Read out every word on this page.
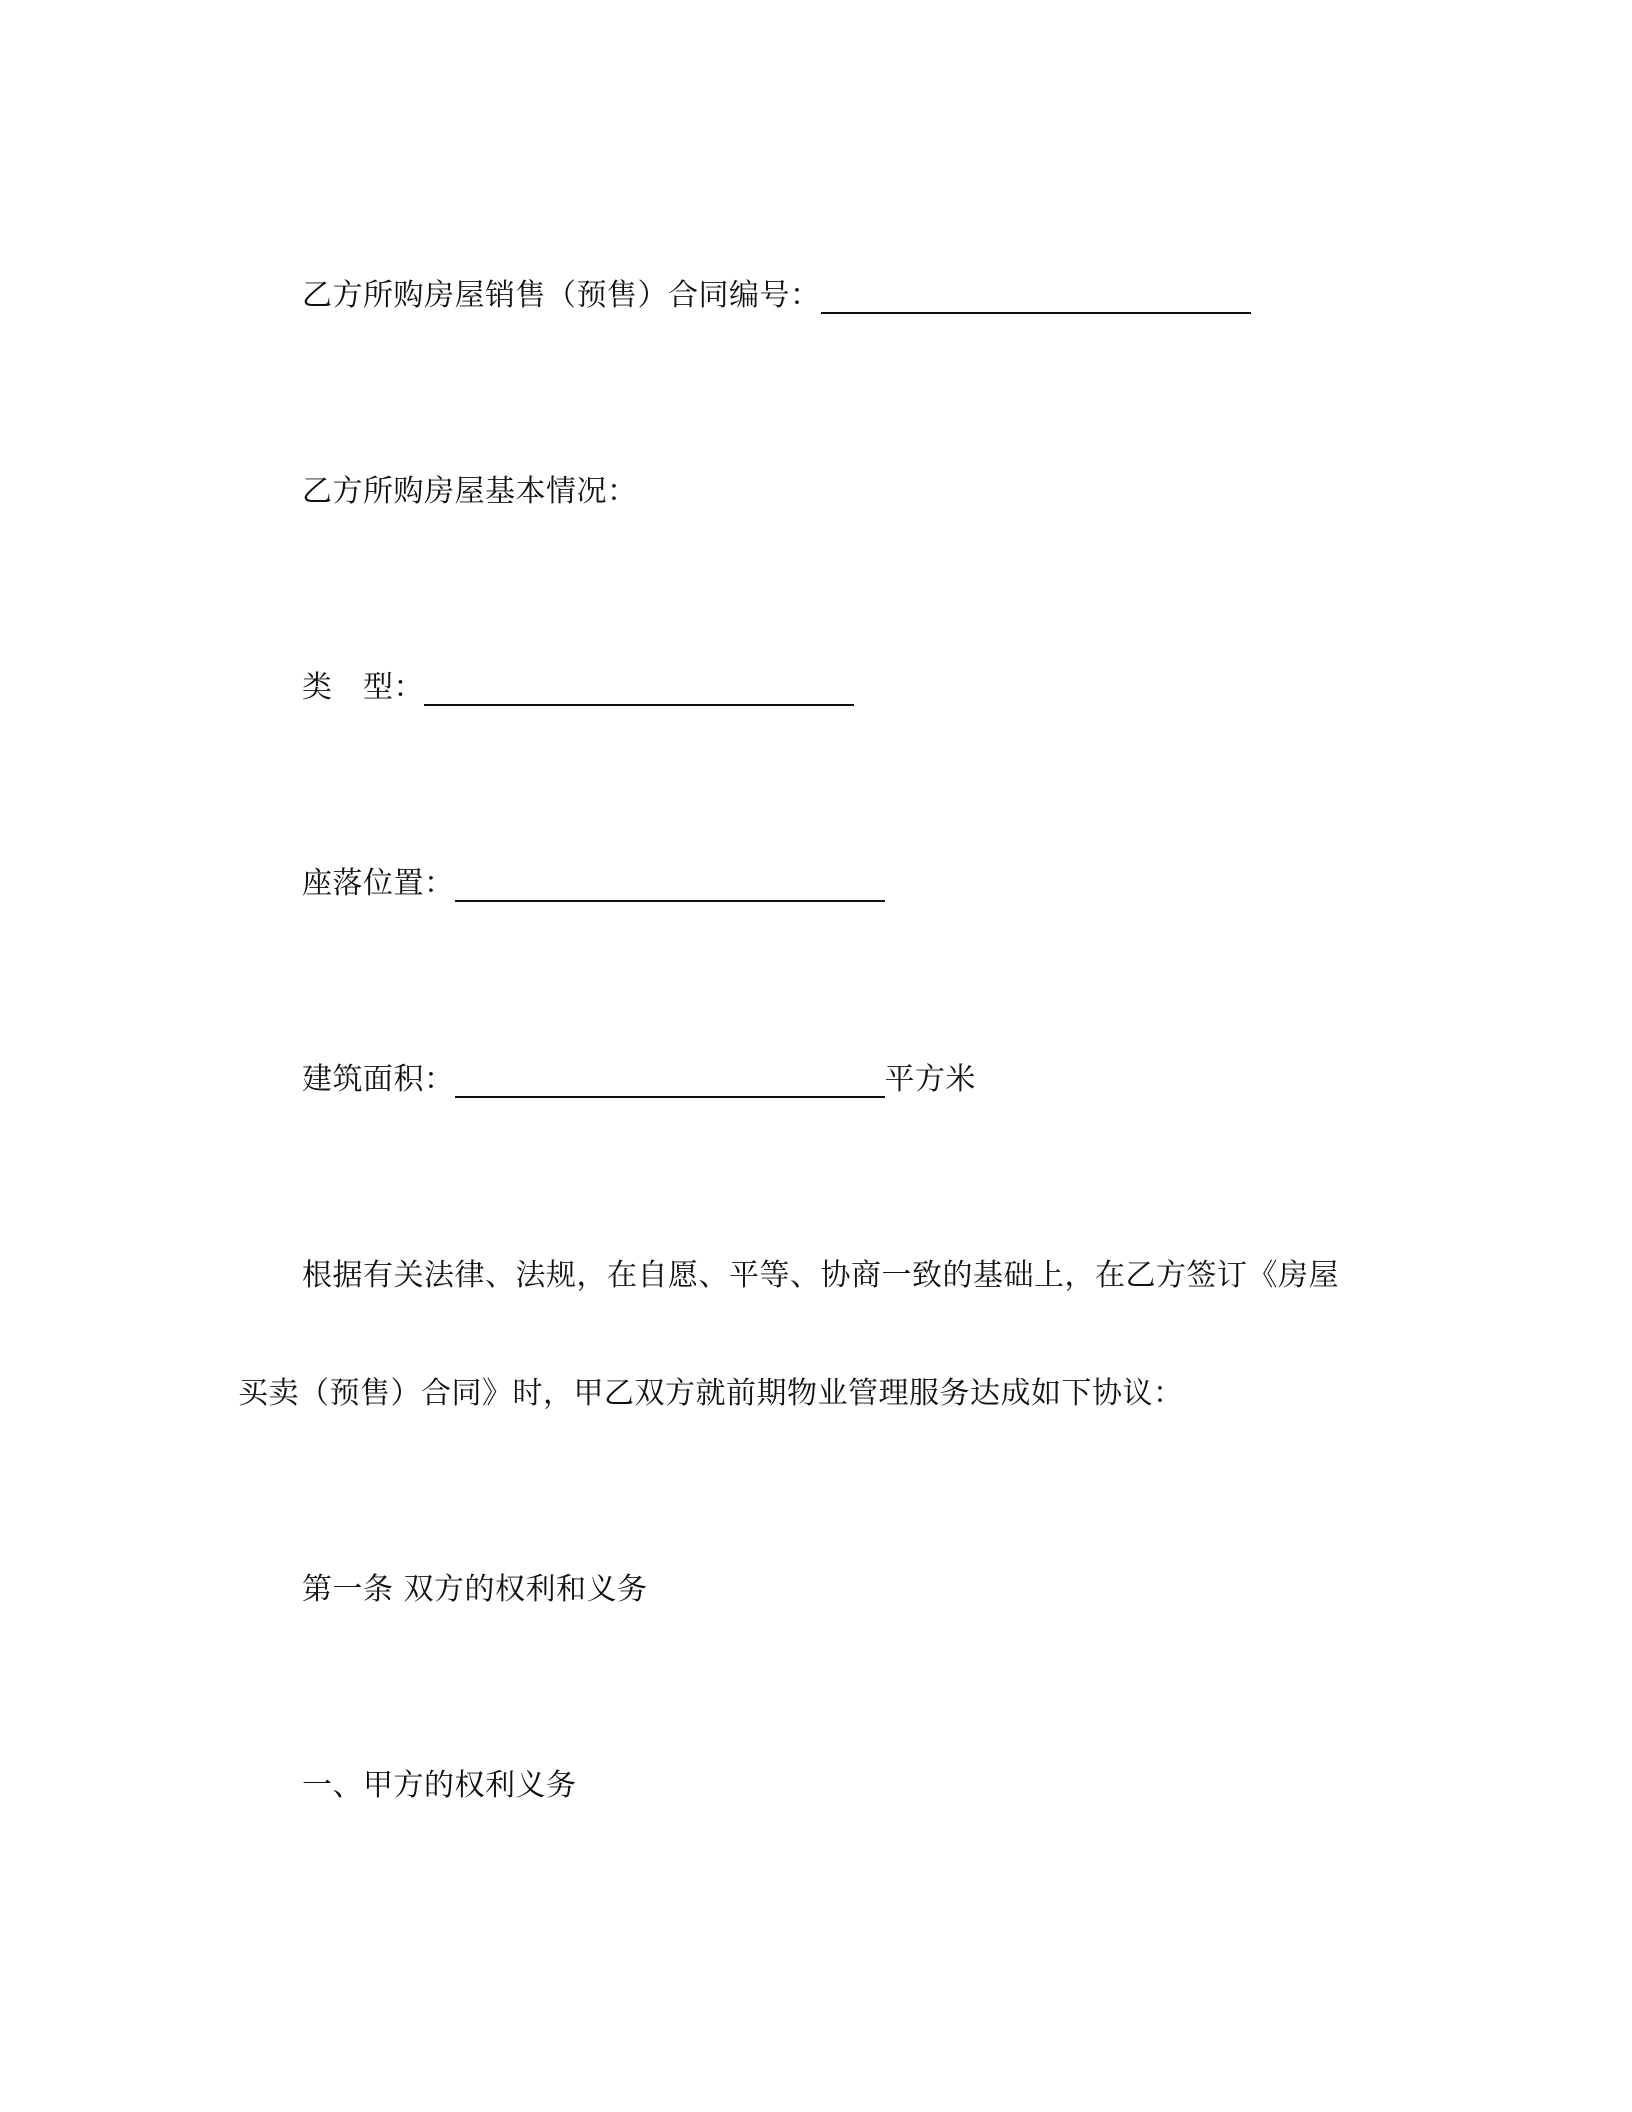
乙方所购房屋销售（预售）合同编号：
乙方所购房屋基本情况：
类　型：
座落位置：
建筑面积：	平方米
根据有关法律、法规，在自愿、平等、协商一致的基础上，在乙方签订《房屋
买卖（预售）合同》时，甲乙双方就前期物业管理服务达成如下协议：
第一条 双方的权利和义务
一、甲方的权利义务
